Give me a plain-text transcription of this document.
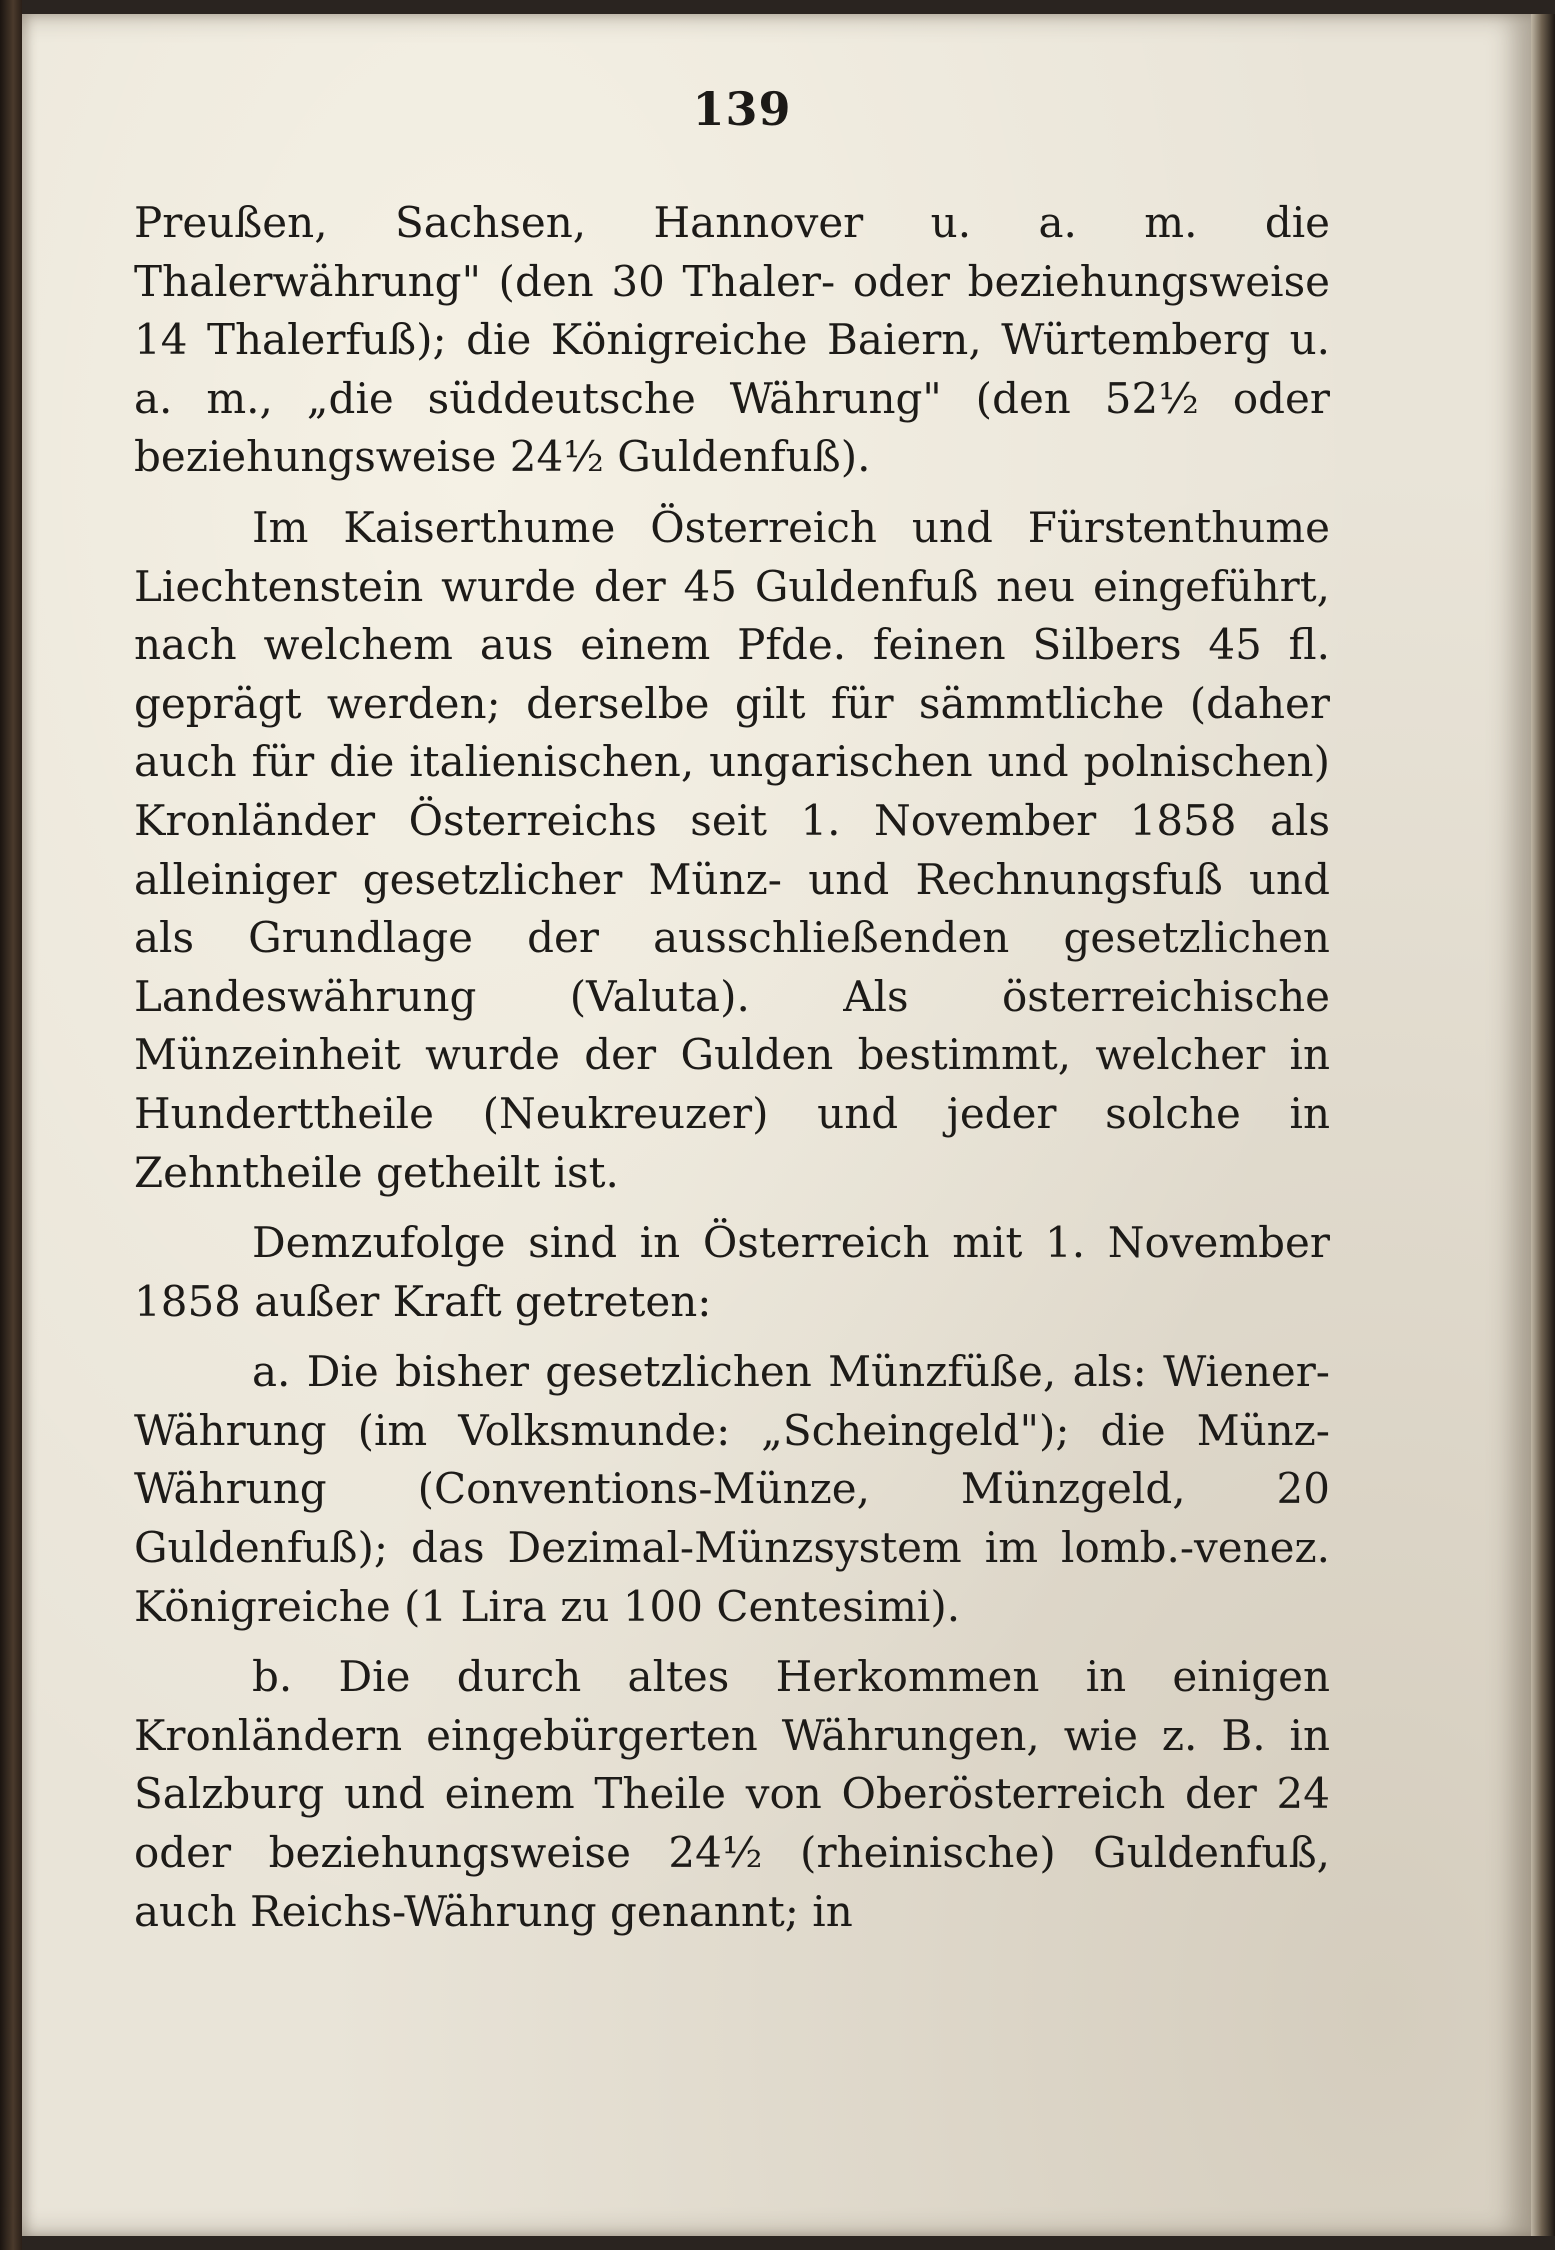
139

Preußen, Sachsen, Hannover u. a. m. die Thalerwährung" (den 30 Thaler- oder beziehungsweise 14 Thalerfuß); die Königreiche Baiern, Würtemberg u. a. m., „die süddeutsche Währung" (den 52½ oder beziehungsweise 24½ Guldenfuß).

Im Kaiserthume Österreich und Fürstenthume Liechtenstein wurde der 45 Guldenfuß neu eingeführt, nach welchem aus einem Pfde. feinen Silbers 45 fl. geprägt werden; derselbe gilt für sämmtliche (daher auch für die italienischen, ungarischen und polnischen) Kronländer Österreichs seit 1. November 1858 als alleiniger gesetzlicher Münz- und Rechnungsfuß und als Grundlage der ausschließenden gesetzlichen Landeswährung (Valuta). Als österreichische Münzeinheit wurde der Gulden bestimmt, welcher in Hunderttheile (Neukreuzer) und jeder solche in Zehntheile getheilt ist.

Demzufolge sind in Österreich mit 1. November 1858 außer Kraft getreten:

a. Die bisher gesetzlichen Münzfüße, als: Wiener-Währung (im Volksmunde: „Scheingeld"); die Münz-Währung (Conventions-Münze, Münzgeld, 20 Guldenfuß); das Dezimal-Münzsystem im lomb.-venez. Königreiche (1 Lira zu 100 Centesimi).

b. Die durch altes Herkommen in einigen Kronländern eingebürgerten Währungen, wie z. B. in Salzburg und einem Theile von Oberösterreich der 24 oder beziehungsweise 24½ (rheinische) Guldenfuß, auch Reichs-Währung genannt; in
